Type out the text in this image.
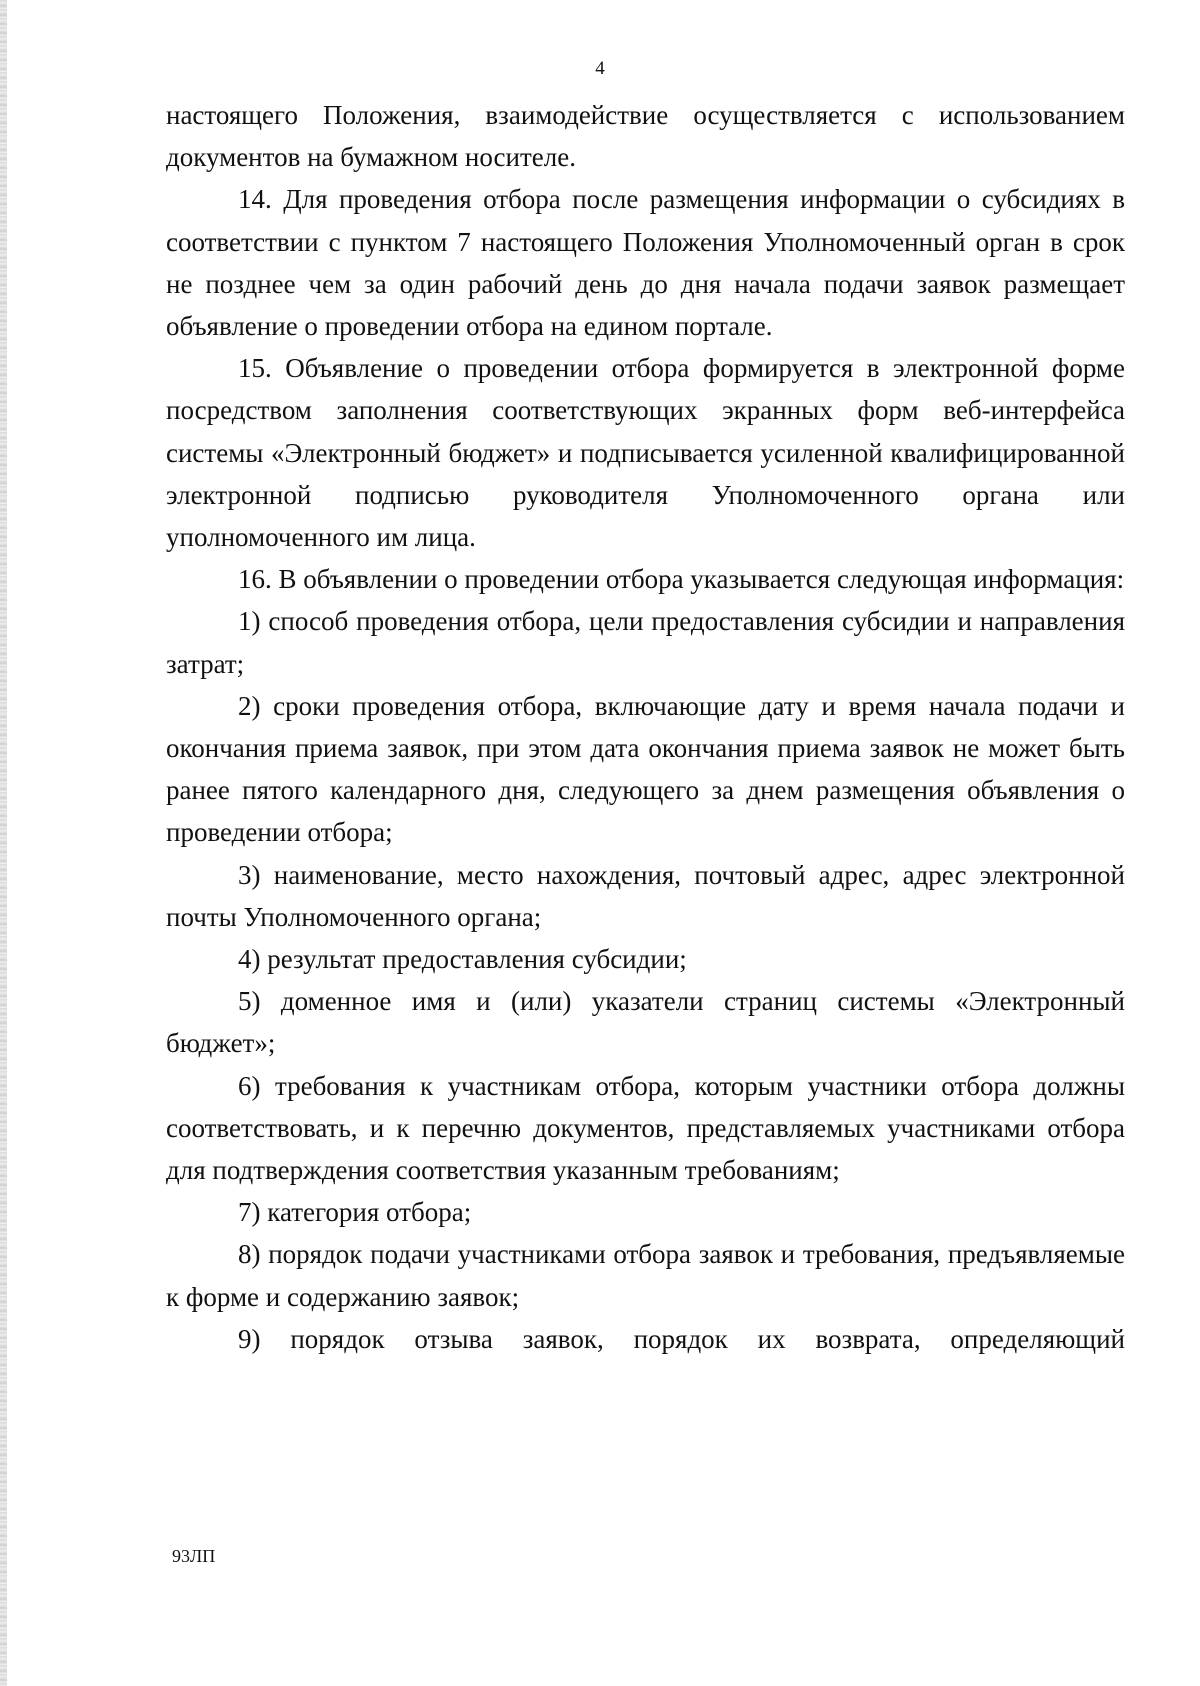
4

настоящего Положения, взаимодействие осуществляется с использованием документов на бумажном носителе.

14. Для проведения отбора после размещения информации о субсидиях в соответствии с пунктом 7 настоящего Положения Уполномоченный орган в срок не позднее чем за один рабочий день до дня начала подачи заявок размещает объявление о проведении отбора на едином портале.

15. Объявление о проведении отбора формируется в электронной форме посредством заполнения соответствующих экранных форм веб-интерфейса системы «Электронный бюджет» и подписывается усиленной квалифицированной электронной подписью руководителя Уполномоченного органа или уполномоченного им лица.

16. В объявлении о проведении отбора указывается следующая информация:

1) способ проведения отбора, цели предоставления субсидии и направления затрат;

2) сроки проведения отбора, включающие дату и время начала подачи и окончания приема заявок, при этом дата окончания приема заявок не может быть ранее пятого календарного дня, следующего за днем размещения объявления о проведении отбора;

3) наименование, место нахождения, почтовый адрес, адрес электронной почты Уполномоченного органа;

4) результат предоставления субсидии;

5) доменное имя и (или) указатели страниц системы «Электронный бюджет»;

6) требования к участникам отбора, которым участники отбора должны соответствовать, и к перечню документов, представляемых участниками отбора для подтверждения соответствия указанным требованиям;

7) категория отбора;

8) порядок подачи участниками отбора заявок и требования, предъявляемые к форме и содержанию заявок;

9) порядок отзыва заявок, порядок их возврата, определяющий

93ЛП
